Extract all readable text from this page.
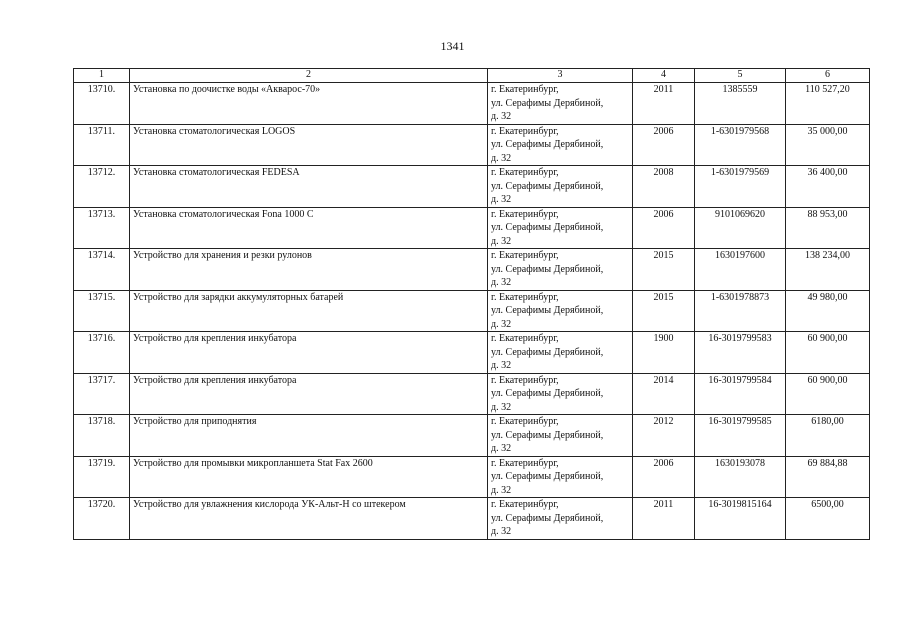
1341
1	2	3	4	5	6
13710.	Установка по доочистке воды «Акварос-70»	г. Екатеринбург,
ул. Серафимы Дерябиной,
д. 32	2011	1385559	110 527,20
13711.	Установка стоматологическая LOGOS	г. Екатеринбург,
ул. Серафимы Дерябиной,
д. 32	2006	1-6301979568	35 000,00
13712.	Установка стоматологическая FEDESA	г. Екатеринбург,
ул. Серафимы Дерябиной,
д. 32	2008	1-6301979569	36 400,00
13713.	Установка стоматологическая Fona 1000 C	г. Екатеринбург,
ул. Серафимы Дерябиной,
д. 32	2006	9101069620	88 953,00
13714.	Устройство для хранения и резки рулонов	г. Екатеринбург,
ул. Серафимы Дерябиной,
д. 32	2015	1630197600	138 234,00
13715.	Устройство для зарядки аккумуляторных батарей	г. Екатеринбург,
ул. Серафимы Дерябиной,
д. 32	2015	1-6301978873	49 980,00
13716.	Устройство для крепления инкубатора	г. Екатеринбург,
ул. Серафимы Дерябиной,
д. 32	1900	16-3019799583	60 900,00
13717.	Устройство для крепления инкубатора	г. Екатеринбург,
ул. Серафимы Дерябиной,
д. 32	2014	16-3019799584	60 900,00
13718.	Устройство для приподнятия	г. Екатеринбург,
ул. Серафимы Дерябиной,
д. 32	2012	16-3019799585	6180,00
13719.	Устройство для промывки микропланшета Stat Fax 2600	г. Екатеринбург,
ул. Серафимы Дерябиной,
д. 32	2006	1630193078	69 884,88
13720.	Устройство для увлажнения кислорода УК-Альт-Н со штекером	г. Екатеринбург,
ул. Серафимы Дерябиной,
д. 32	2011	16-3019815164	6500,00
